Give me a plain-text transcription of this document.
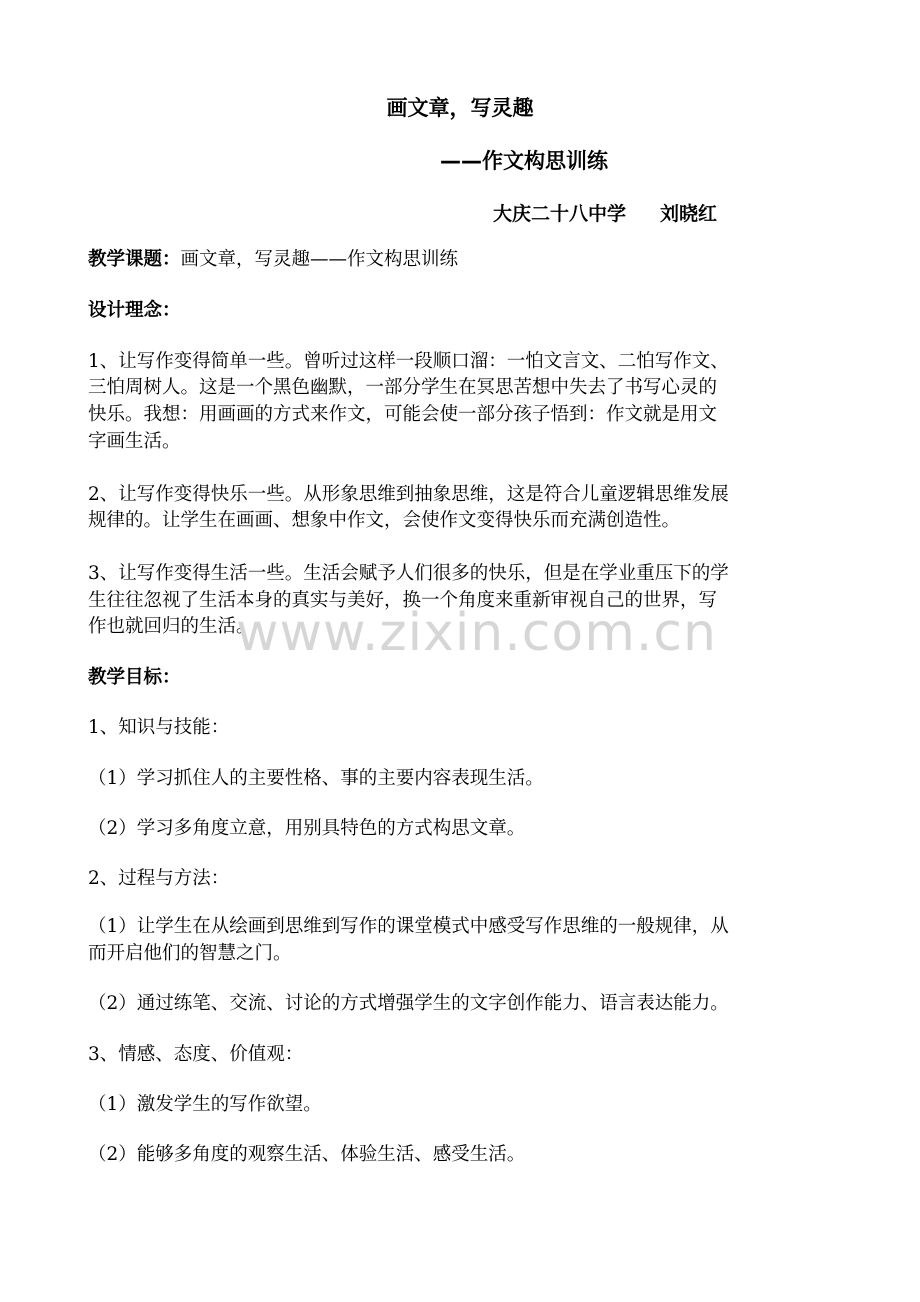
画文章，写灵趣
——作文构思训练
大庆二十八中学 刘晓红
教学课题：画文章，写灵趣——作文构思训练
设计理念：
1、让写作变得简单一些。曾听过这样一段顺口溜：一怕文言文、二怕写作文、
三怕周树人。这是一个黑色幽默，一部分学生在冥思苦想中失去了书写心灵的
快乐。我想：用画画的方式来作文，可能会使一部分孩子悟到：作文就是用文
字画生活。
2、让写作变得快乐一些。从形象思维到抽象思维，这是符合儿童逻辑思维发展
规律的。让学生在画画、想象中作文，会使作文变得快乐而充满创造性。
3、让写作变得生活一些。生活会赋予人们很多的快乐，但是在学业重压下的学
生往往忽视了生活本身的真实与美好，换一个角度来重新审视自己的世界，写
作也就回归的生活。
教学目标：
1、知识与技能：
（1）学习抓住人的主要性格、事的主要内容表现生活。
（2）学习多角度立意，用别具特色的方式构思文章。
2、过程与方法：
（1）让学生在从绘画到思维到写作的课堂模式中感受写作思维的一般规律，从
而开启他们的智慧之门。
（2）通过练笔、交流、讨论的方式增强学生的文字创作能力、语言表达能力。
3、情感、态度、价值观：
（1）激发学生的写作欲望。
（2）能够多角度的观察生活、体验生活、感受生活。
www.zixin.com.cn
